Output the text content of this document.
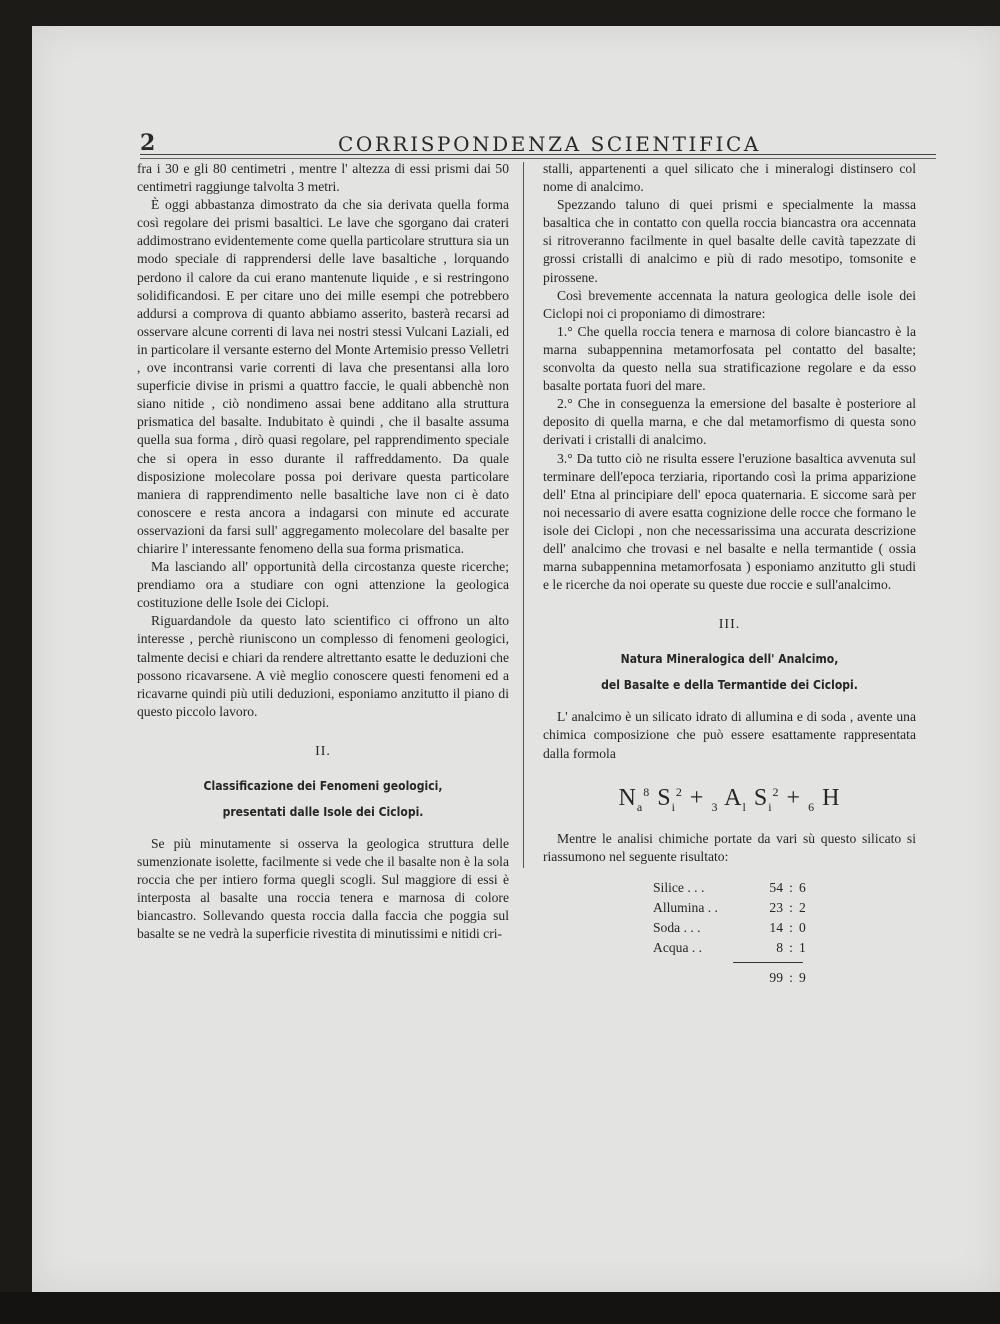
2	CORRISPONDENZA SCIENTIFICA

fra i 30 e gli 80 centimetri , mentre l' altezza di essi prismi dai 50 centimetri raggiunge talvolta 3 metri.

È oggi abbastanza dimostrato da che sia derivata quella forma così regolare dei prismi basaltici. Le lave che sgorgano dai crateri addimostrano evidentemente come quella particolare struttura sia un modo speciale di rapprendersi delle lave basaltiche , lorquando perdono il calore da cui erano mantenute liquide , e si restringono solidificandosi. E per citare uno dei mille esempi che potrebbero addursi a comprova di quanto abbiamo asserito, basterà recarsi ad osservare alcune correnti di lava nei nostri stessi Vulcani Laziali, ed in particolare il versante esterno del Monte Artemisio presso Velletri , ove incontransi varie correnti di lava che presentansi alla loro superficie divise in prismi a quattro faccie, le quali abbenchè non siano nitide , ciò nondimeno assai bene additano alla struttura prismatica del basalte. Indubitato è quindi , che il basalte assuma quella sua forma , dirò quasi regolare, pel rapprendimento speciale che si opera in esso durante il raffreddamento. Da quale disposizione molecolare possa poi derivare questa particolare maniera di rapprendimento nelle basaltiche lave non ci è dato conoscere e resta ancora a indagarsi con minute ed accurate osservazioni da farsi sull' aggregamento molecolare del basalte per chiarire l' interessante fenomeno della sua forma prismatica.

Ma lasciando all' opportunità della circostanza queste ricerche; prendiamo ora a studiare con ogni attenzione la geologica costituzione delle Isole dei Ciclopi.

Riguardandole da questo lato scientifico ci offrono un alto interesse , perchè riuniscono un complesso di fenomeni geologici, talmente decisi e chiari da rendere altrettanto esatte le deduzioni che possono ricavarsene. A viè meglio conoscere questi fenomeni ed a ricavarne quindi più utili deduzioni, esponiamo anzitutto il piano di questo piccolo lavoro.

II.
Classificazione dei Fenomeni geologici,
presentati dalle Isole dei Ciclopi.

Se più minutamente si osserva la geologica struttura delle sumenzionate isolette, facilmente si vede che il basalte non è la sola roccia che per intiero forma quegli scogli. Sul maggiore di essi è interposta al basalte una roccia tenera e marnosa di colore biancastro. Sollevando questa roccia dalla faccia che poggia sul basalte se ne vedrà la superficie rivestita di minutissimi e nitidi cri-

stalli, appartenenti a quel silicato che i mineralogi distinsero col nome di analcimo.

Spezzando taluno di quei prismi e specialmente la massa basaltica che in contatto con quella roccia biancastra ora accennata si ritroveranno facilmente in quel basalte delle cavità tapezzate di grossi cristalli di analcimo e più di rado mesotipo, tomsonite e pirossene.

Così brevemente accennata la natura geologica delle isole dei Ciclopi noi ci proponiamo di dimostrare:

1.° Che quella roccia tenera e marnosa di colore biancastro è la marna subappennina metamorfosata pel contatto del basalte; sconvolta da questo nella sua stratificazione regolare e da esso basalte portata fuori del mare.

2.° Che in conseguenza la emersione del basalte è posteriore al deposito di quella marna, e che dal metamorfismo di questa sono derivati i cristalli di analcimo.

3.° Da tutto ciò ne risulta essere l'eruzione basaltica avvenuta sul terminare dell'epoca terziaria, riportando così la prima apparizione dell' Etna al principiare dell' epoca quaternaria. E siccome sarà per noi necessario di avere esatta cognizione delle rocce che formano le isole dei Ciclopi , non che necessarissima una accurata descrizione dell' analcimo che trovasi e nel basalte e nella termantide ( ossia marna subappennina metamorfosata ) esponiamo anzitutto gli studi e le ricerche da noi operate su queste due roccie e sull'analcimo.

III.
Natura Mineralogica dell' Analcimo,
del Basalte e della Termantide dei Ciclopi.

L' analcimo è un silicato idrato di allumina e di soda , avente una chimica composizione che può essere esattamente rappresentata dalla formola

$N_a^8$ $S_i^2 + _3$ $A_l$ $S_i^2 + _6$ H

Mentre le analisi chimiche portate da vari sù questo silicato si riassumono nel seguente risultato:

Silice . . .	54 : 6
Allumina . .	23 : 2
Soda . . .	14 : 0
Acqua . .	8 : 1
99 : 9
